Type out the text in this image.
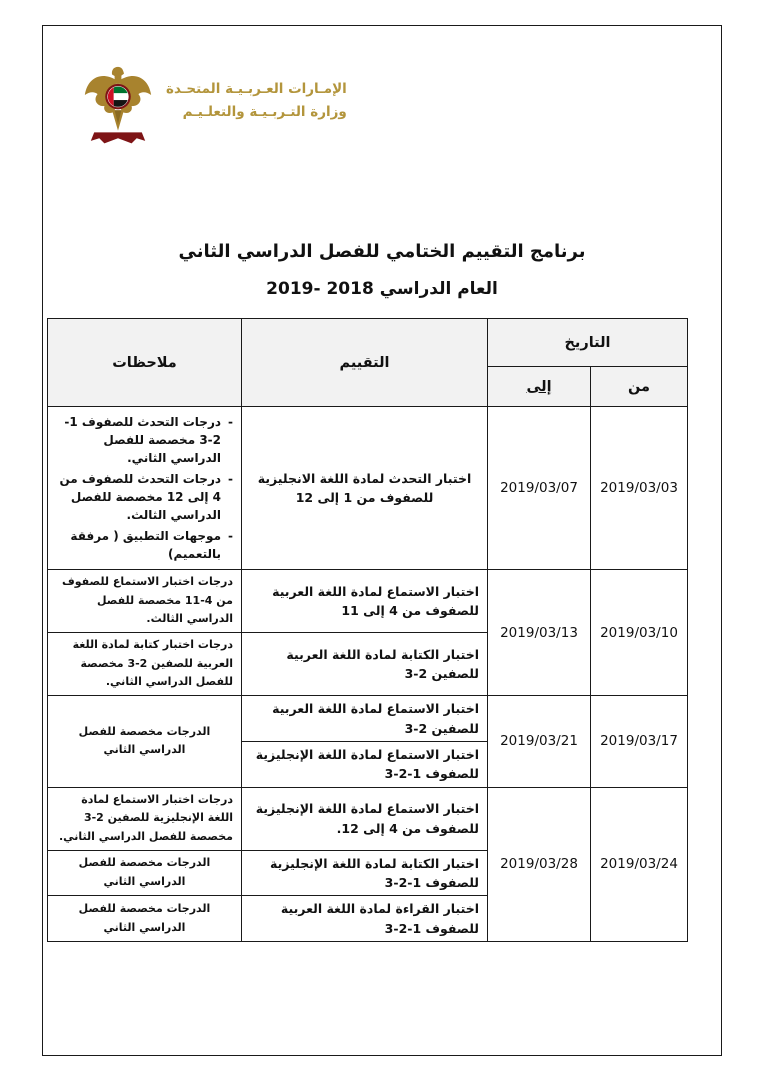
الإمـارات العـربـيـة المتحـدة
وزارة التـربـيـة والتعلـيـم
برنامج التقييم الختامي للفصل الدراسي الثاني
العام الدراسي 2018 -2019
التاريخ		التقييم	ملاحظات
من	إلى		
2019/03/03	2019/03/07	اختبار التحدث لمادة اللغة الانجليزية للصفوف من 1 إلى 12	
-
درجات التحدث للصفوف 1-2-3 مخصصة للفصل الدراسي الثاني.
-
درجات التحدث للصفوف من 4 إلى 12 مخصصة للفصل الدراسي الثالث.
-
موجهات التطبيق ( مرفقة بالتعميم)

2019/03/10	2019/03/13	اختبار الاستماع لمادة اللغة العربية للصفوف من 4 إلى 11	درجات اختبار الاستماع للصفوف من 4-11 مخصصة للفصل الدراسي الثالث.
		اختبار الكتابة لمادة اللغة العربية للصفين 2-3	درجات اختبار كتابة لمادة اللغة العربية للصفين 2-3 مخصصة للفصل الدراسي الثاني.
2019/03/17	2019/03/21	اختبار الاستماع لمادة اللغة العربية للصفين 2-3	الدرجات مخصصة للفصل الدراسي الثاني
		اختبار الاستماع لمادة اللغة الإنجليزية للصفوف 1-2-3	
2019/03/24	2019/03/28	اختبار الاستماع لمادة اللغة الإنجليزية للصفوف من 4 إلى 12.	درجات اختبار الاستماع لمادة اللغة الإنجليزية للصفين 2-3 مخصصة للفصل الدراسي الثاني.
		اختبار الكتابة لمادة اللغة الإنجليزية للصفوف 1-2-3	الدرجات مخصصة للفصل الدراسي الثاني
		اختبار القراءة لمادة اللغة العربية للصفوف 1-2-3	الدرجات مخصصة للفصل الدراسي الثاني
